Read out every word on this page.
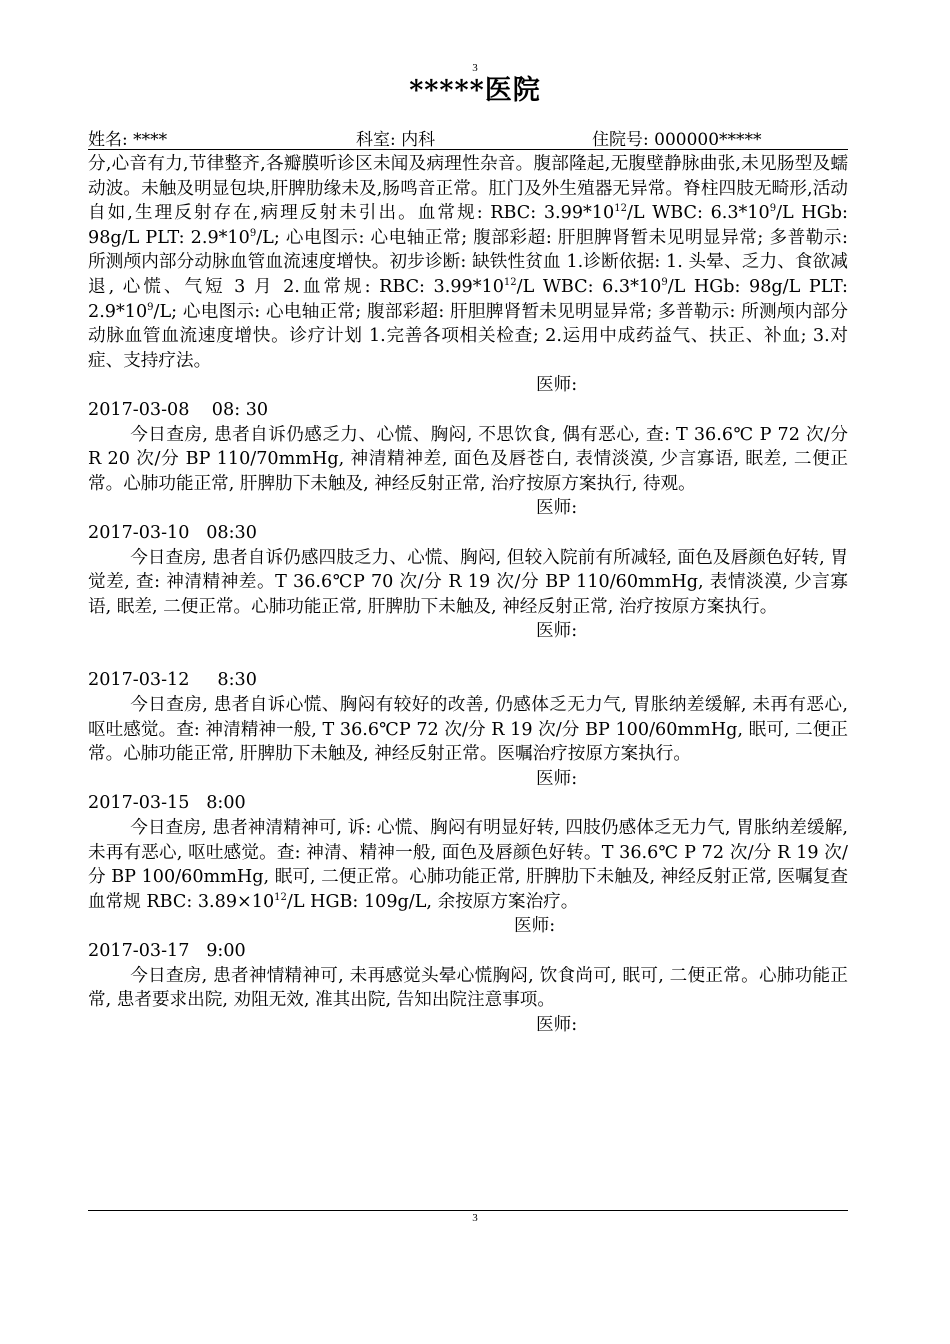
3
*****医院
姓名: ****	科室: 内科	住院号: 000000*****

分,心音有力,节律整齐,各瓣膜听诊区未闻及病理性杂音。腹部隆起,无腹壁静脉曲张,未见肠型及蠕动波。未触及明显包块,肝脾肋缘未及,肠鸣音正常。肛门及外生殖器无异常。脊柱四肢无畸形,活动自如,生理反射存在,病理反射未引出。血常规: RBC: $3.99*10^{12}/L$ WBC: $6.3*10^9/L$ HGb: 98g/L PLT: $2.9*10^9/L$; 心电图示: 心电轴正常; 腹部彩超: 肝胆脾肾暂未见明显异常; 多普勒示: 所测颅内部分动脉血管血流速度增快。初步诊断: 缺铁性贫血 1.诊断依据: 1. 头晕、乏力、食欲减退, 心慌、气短 3 月 2.血常规: RBC: $3.99*10^{12}/L$ WBC: $6.3*10^9/L$ HGb: 98g/L PLT: $2.9*10^9/L$; 心电图示: 心电轴正常; 腹部彩超: 肝胆脾肾暂未见明显异常; 多普勒示: 所测颅内部分动脉血管血流速度增快。诊疗计划 1.完善各项相关检查; 2.运用中成药益气、扶正、补血; 3.对症、支持疗法。

医师:

2017-03-08    08: 30

今日查房, 患者自诉仍感乏力、心慌、胸闷, 不思饮食, 偶有恶心, 查: T 36.6℃ P 72 次/分 R 20 次/分 BP 110/70mmHg, 神清精神差, 面色及唇苍白, 表情淡漠, 少言寡语, 眠差, 二便正常。心肺功能正常, 肝脾肋下未触及, 神经反射正常, 治疗按原方案执行, 待观。

医师:

2017-03-10   08:30

今日查房, 患者自诉仍感四肢乏力、心慌、胸闷, 但较入院前有所减轻, 面色及唇颜色好转, 胃觉差, 查: 神清精神差。T 36.6℃P 70 次/分 R 19 次/分 BP 110/60mmHg, 表情淡漠, 少言寡语, 眠差, 二便正常。心肺功能正常, 肝脾肋下未触及, 神经反射正常, 治疗按原方案执行。

医师:

2017-03-12     8:30

今日查房, 患者自诉心慌、胸闷有较好的改善, 仍感体乏无力气, 胃胀纳差缓解, 未再有恶心, 呕吐感觉。查: 神清精神一般, T 36.6℃P 72 次/分 R 19 次/分 BP 100/60mmHg, 眠可, 二便正常。心肺功能正常, 肝脾肋下未触及, 神经反射正常。医嘱治疗按原方案执行。

医师:

2017-03-15   8:00

今日查房, 患者神清精神可, 诉: 心慌、胸闷有明显好转, 四肢仍感体乏无力气, 胃胀纳差缓解, 未再有恶心, 呕吐感觉。查: 神清、精神一般, 面色及唇颜色好转。T 36.6℃ P 72 次/分 R 19 次/分 BP 100/60mmHg, 眠可, 二便正常。心肺功能正常, 肝脾肋下未触及, 神经反射正常, 医嘱复查血常规 RBC: $3.89\times 10^{12}/L$ HGB: 109g/L, 余按原方案治疗。

医师:

2017-03-17   9:00

今日查房, 患者神情精神可, 未再感觉头晕心慌胸闷, 饮食尚可, 眠可, 二便正常。心肺功能正常, 患者要求出院, 劝阻无效, 准其出院, 告知出院注意事项。

医师:

3
